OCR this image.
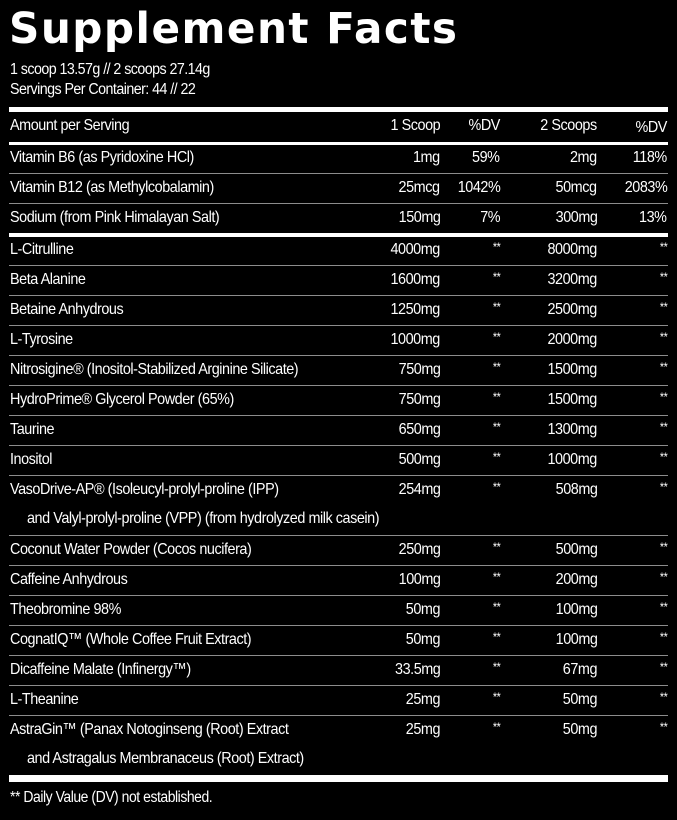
Supplement Facts
1 scoop 13.57g // 2 scoops 27.14g
Servings Per Container: 44 // 22
Amount per Serving	1 Scoop %DV	2 Scoops %DV
Vitamin B6 (as Pyridoxine HCl)	1mg 59%	2mg 118%
Vitamin B12 (as Methylcobalamin)	25mcg 1042%	50mcg 2083%
Sodium (from Pink Himalayan Salt)	150mg	7%	300mg	13%
L-Citrulline	4000mg	**	8000mg	**
Beta Alanine	1600mg	**	3200mg	**
Betaine Anhydrous	1250mg	**	2500mg	**
L-Tyrosine	1000mg	**	2000mg	**
Nitrosigine® (Inositol-Stabilized Arginine Silicate)	750mg	**	1500mg	**
HydroPrime® Glycerol Powder (65%)	750mg	**	1500mg	**
Taurine	650mg	**	1300mg	**
Inositol	500mg	**	1000mg	**
VasoDrive-AP® (Isoleucyl-prolyl-proline (IPP)
and Valyl-prolyl-proline (VPP) (from hydrolyzed milk casein)
254mg	**	508mg	**
Coconut Water Powder (Cocos nucifera)	250mg	**	500mg	**
Caffeine Anhydrous	100mg	**	200mg	**
Theobromine 98%	50mg	**	100mg	**
CognatIQ™ (Whole Coffee Fruit Extract)	50mg	**	100mg	**
Dicaffeine Malate (Infinergy™)	33.5mg	**	67mg	**
L-Theanine	25mg	**	50mg	**
AstraGin™ (Panax Notoginseng (Root) Extract
and Astragalus Membranaceus (Root) Extract)
25mg	**	50mg	**
** Daily Value (DV) not established.
